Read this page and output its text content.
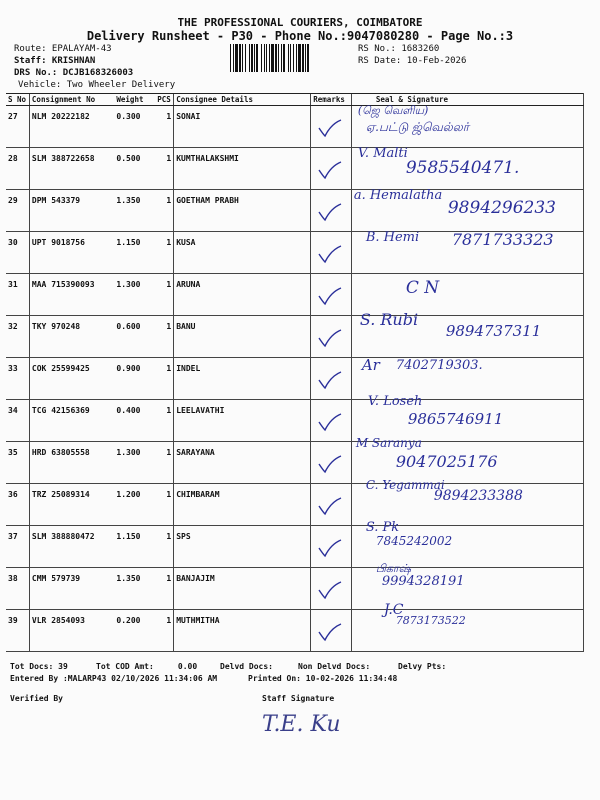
THE PROFESSIONAL COURIERS, COIMBATORE
Delivery Runsheet - P30 - Phone No.:9047080280 - Page No.:3
Route: EPALAYAM-43
Staff: KRISHNAN
DRS No.: DCJB168326003
Vehicle: Two Wheeler Delivery
RS No.: 1683260
RS Date: 10-Feb-2026
S No	Consignment No	Weight	PCS	Consignee Details	Remarks	Seal & Signature
27	NLM 20222182	0.300	1	SONAI		(ஜெ வெளிய)
ஏ.பட்டு ஜ்வெல்லர்

28	SLM 388722658	0.500	1	KUMTHALAKSHMI		V. Malti
9585540471.

29	DPM 543379	1.350	1	GOETHAM PRABH		a. Hemalatha
9894296233

30	UPT 9018756	1.150	1	KUSA		B. Hemi 7871733323

31	MAA 715390093	1.300	1	ARUNA		C N

32	TKY 970248	0.600	1	BANU		S. Rubi
9894737311

33	COK 25599425	0.900	1	INDEL		Ar 7402719303.

34	TCG 42156369	0.400	1	LEELAVATHI		V. Loseh
9865746911

35	HRD 63805558	1.300	1	SARAYANA		M Saranya
9047025176

36	TRZ 25089314	1.200	1	CHIMBARAM		C. Yegammai
9894233388

37	SLM 388880472	1.150	1	SPS		S. Pk
7845242002

38	CMM 579739	1.350	1	BANJAJIM		பிகாஷ்
9994328191

39	VLR 2854093	0.200	1	MUTHMITHA		J.C
7873173522
Tot Docs: 39	Tot COD Amt:     0.00	Delvd Docs:	Non Delvd Docs:	Delvy Pts:
Entered By :MALARP43 02/10/2026 11:34:06 AM	Printed On: 10-02-2026 11:34:48
Verified By	Staff Signature
T.E. Ku
